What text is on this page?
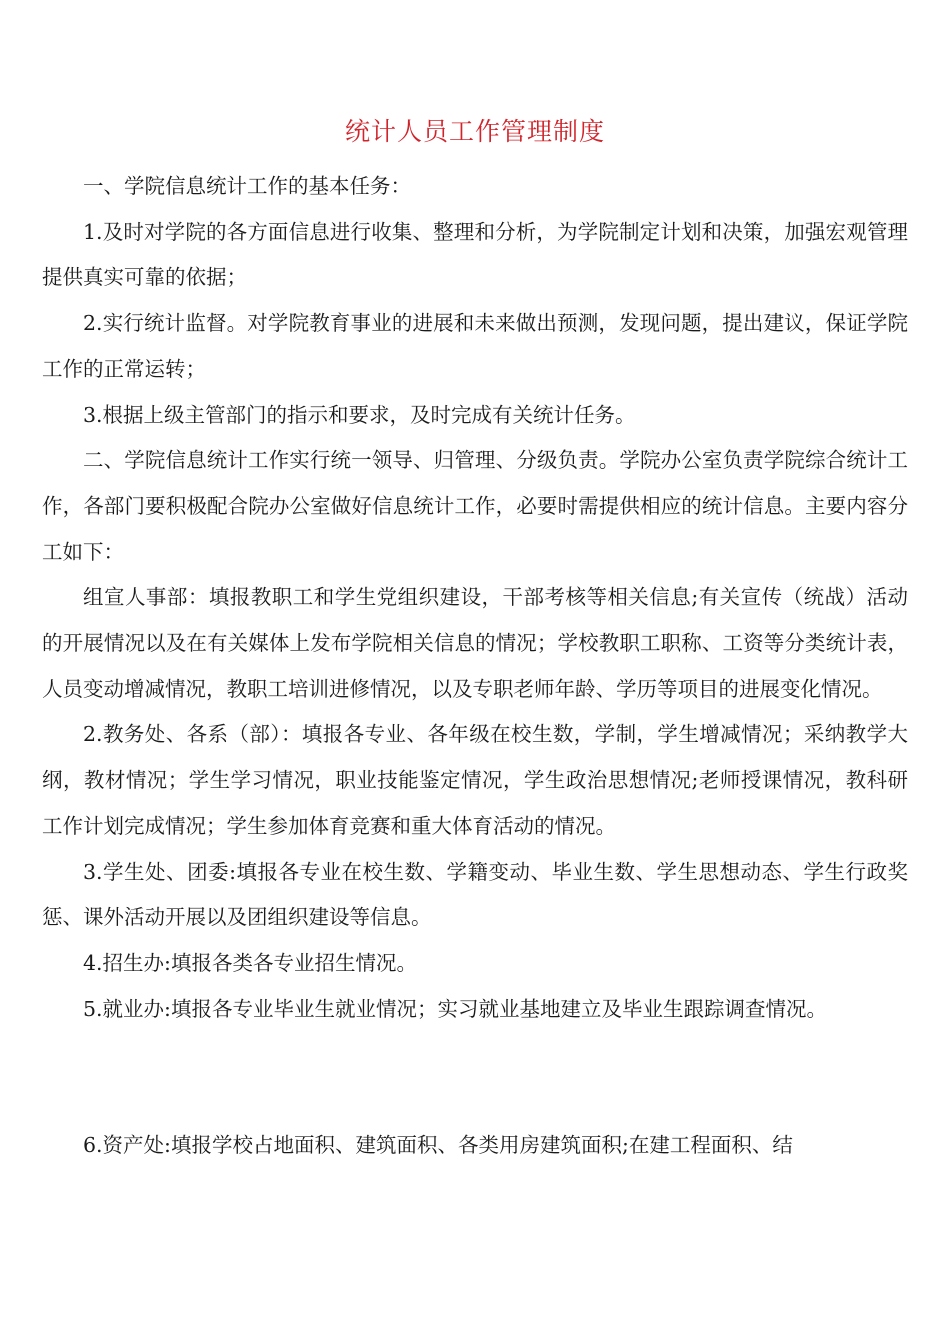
统计人员工作管理制度

一、学院信息统计工作的基本任务：

1.及时对学院的各方面信息进行收集、整理和分析，为学院制定计划和决策，加强宏观管理提供真实可靠的依据；

2.实行统计监督。对学院教育事业的进展和未来做出预测，发现问题，提出建议，保证学院工作的正常运转；

3.根据上级主管部门的指示和要求，及时完成有关统计任务。

二、学院信息统计工作实行统一领导、归管理、分级负责。学院办公室负责学院综合统计工作，各部门要积极配合院办公室做好信息统计工作，必要时需提供相应的统计信息。主要内容分工如下：

组宣人事部：填报教职工和学生党组织建设，干部考核等相关信息;有关宣传（统战）活动的开展情况以及在有关媒体上发布学院相关信息的情况；学校教职工职称、工资等分类统计表，人员变动增减情况，教职工培训进修情况，以及专职老师年龄、学历等项目的进展变化情况。

2.教务处、各系（部）：填报各专业、各年级在校生数，学制，学生增减情况；采纳教学大纲，教材情况；学生学习情况，职业技能鉴定情况，学生政治思想情况;老师授课情况，教科研工作计划完成情况；学生参加体育竞赛和重大体育活动的情况。

3.学生处、团委:填报各专业在校生数、学籍变动、毕业生数、学生思想动态、学生行政奖惩、课外活动开展以及团组织建设等信息。

4.招生办:填报各类各专业招生情况。

5.就业办:填报各专业毕业生就业情况；实习就业基地建立及毕业生跟踪调查情况。

6.资产处:填报学校占地面积、建筑面积、各类用房建筑面积;在建工程面积、结
